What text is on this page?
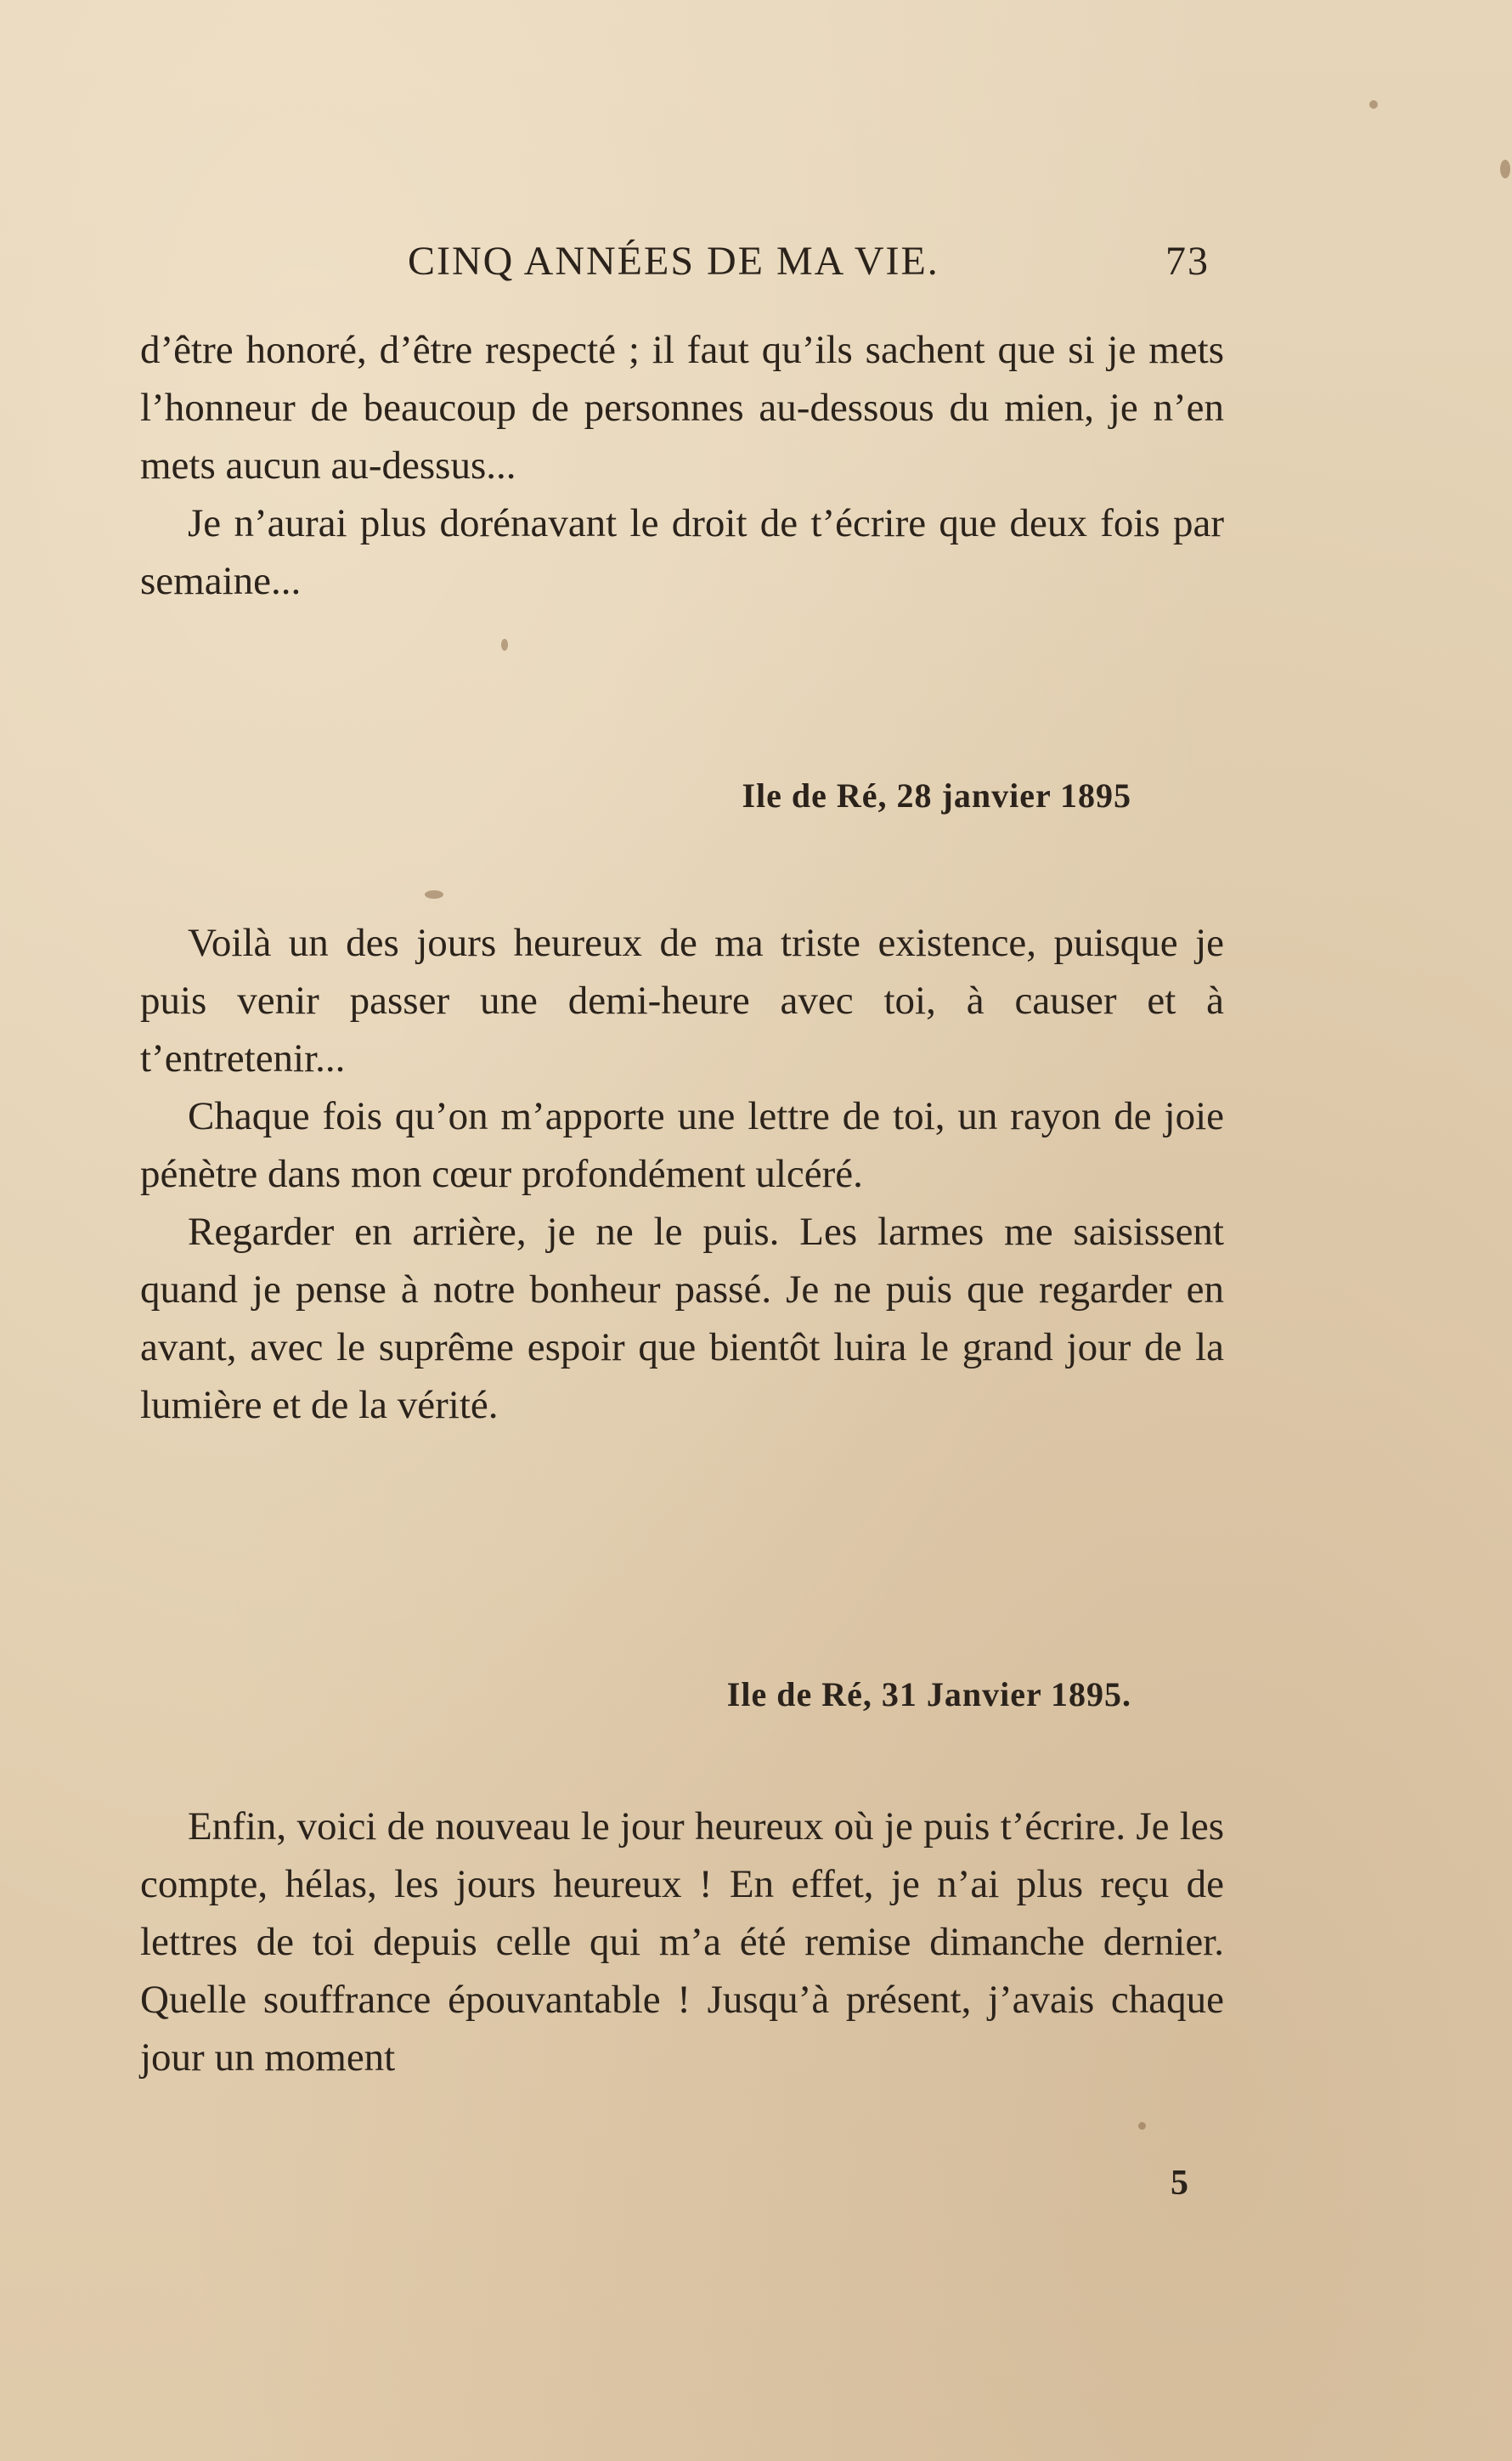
CINQ ANNÉES DE MA VIE.	73

d’être honoré, d’être respecté ; il faut qu’ils sachent que si je mets l’honneur de beaucoup de personnes au-dessous du mien, je n’en mets aucun au-dessus...

Je n’aurai plus dorénavant le droit de t’écrire que deux fois par semaine...

Ile de Ré, 28 janvier 1895

Voilà un des jours heureux de ma triste existence, puisque je puis venir passer une demi-heure avec toi, à causer et à t’entretenir...

Chaque fois qu’on m’apporte une lettre de toi, un rayon de joie pénètre dans mon cœur profondément ulcéré.

Regarder en arrière, je ne le puis. Les larmes me saisissent quand je pense à notre bonheur passé. Je ne puis que regarder en avant, avec le suprême espoir que bientôt luira le grand jour de la lumière et de la vérité.

Ile de Ré, 31 Janvier 1895.

Enfin, voici de nouveau le jour heureux où je puis t’écrire. Je les compte, hélas, les jours heureux ! En effet, je n’ai plus reçu de lettres de toi depuis celle qui m’a été remise dimanche dernier. Quelle souffrance épouvantable ! Jusqu’à présent, j’avais chaque jour un moment

5
